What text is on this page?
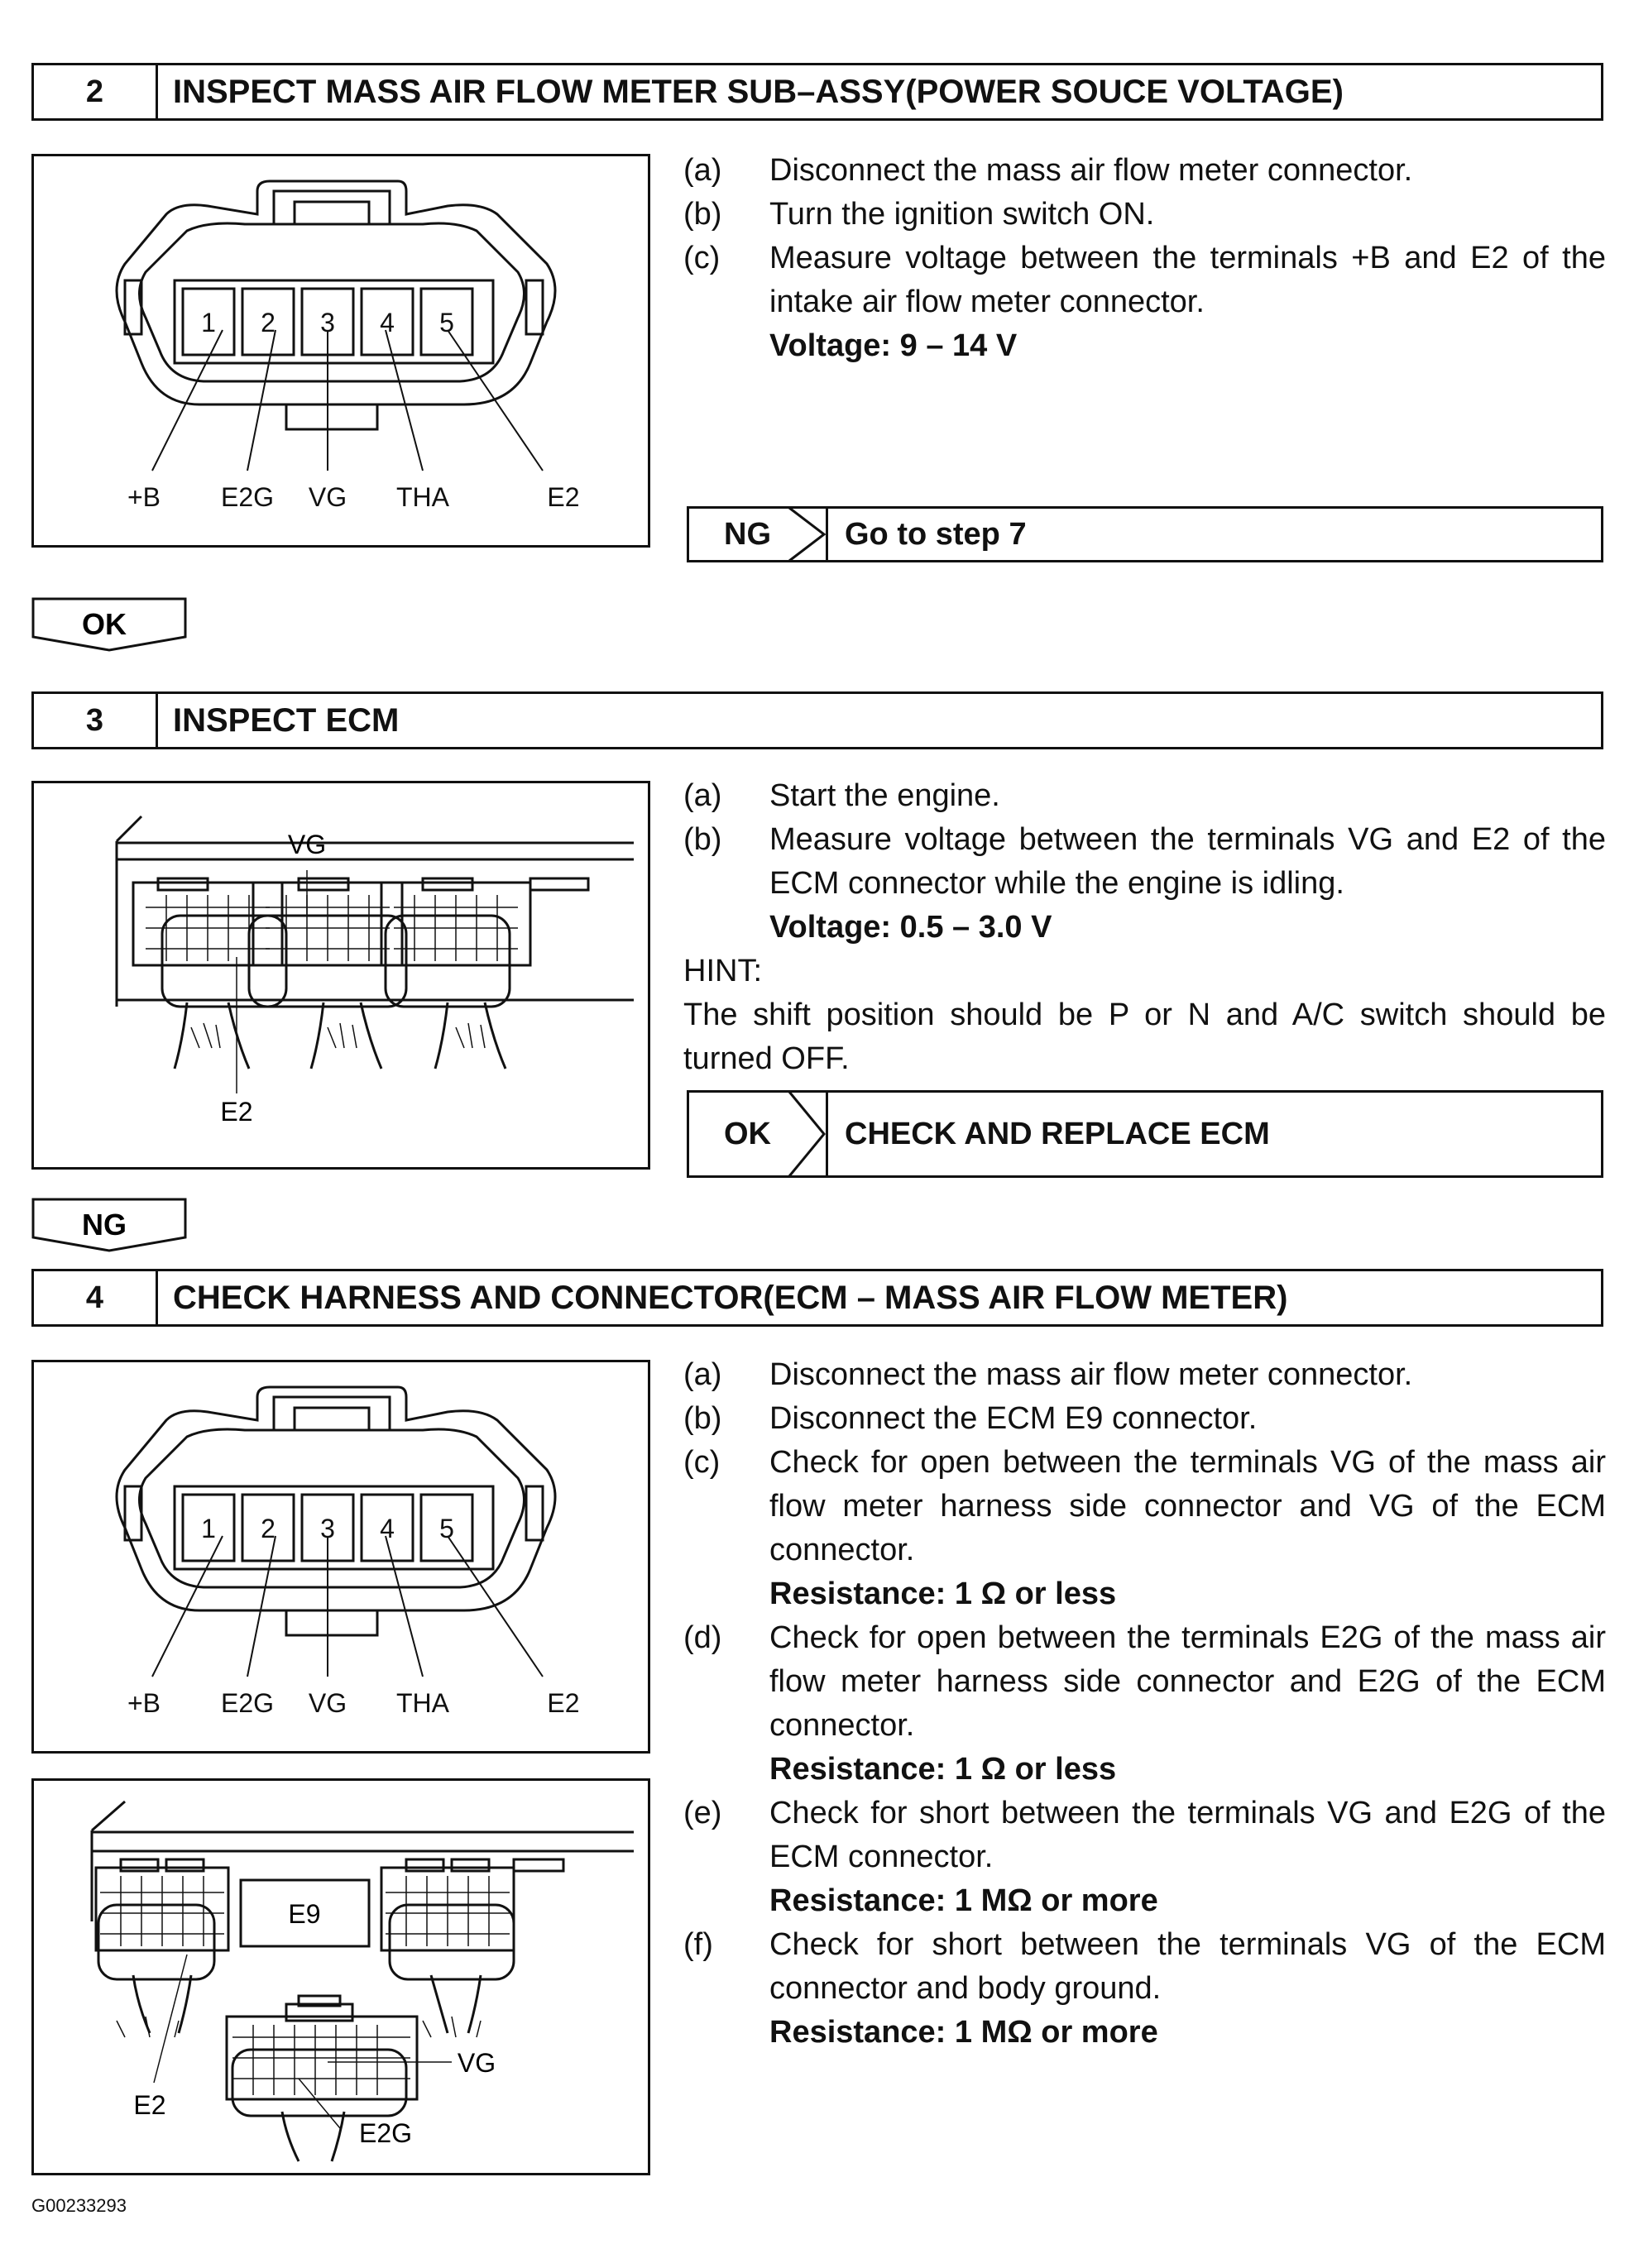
2	INSPECT MASS AIR FLOW METER SUB–ASSY(POWER SOUCE VOLTAGE)
1 2 3 4 5
+B E2G VG THA	E2
(a)	Disconnect the mass air flow meter connector.
(b)	Turn the ignition switch ON.
(c)	Measure voltage between the terminals +B and E2 of the intake air flow meter connector.
Voltage: 9 – 14 V
NG Go to step 7
OK
3	INSPECT ECM
VG
E2
(a)	Start the engine.
(b)	Measure voltage between the terminals VG and E2 of the ECM connector while the engine is idling.
Voltage: 0.5 – 3.0 V
HINT:
The shift position should be P or N and A/C switch should be turned OFF.
OK CHECK AND REPLACE ECM
NG
4	CHECK HARNESS AND CONNECTOR(ECM – MASS AIR FLOW METER)
1 2 3 4 5
+B E2G VG THA	E2
E9
VG
E2
E2G
(a)	Disconnect the mass air flow meter connector.
(b)	Disconnect the ECM E9 connector.
(c)	Check for open between the terminals VG of the mass air flow meter harness side connector and VG of the ECM connector.
Resistance: 1 Ω or less
(d)	Check for open between the terminals E2G of the mass air flow meter harness side connector and E2G of the ECM connector.
Resistance: 1 Ω or less
(e)	Check for short between the terminals VG and E2G of the ECM connector.
Resistance: 1 MΩ or more
(f)	Check for short between the terminals VG of the ECM connector and body ground.
Resistance: 1 MΩ or more
G00233293
